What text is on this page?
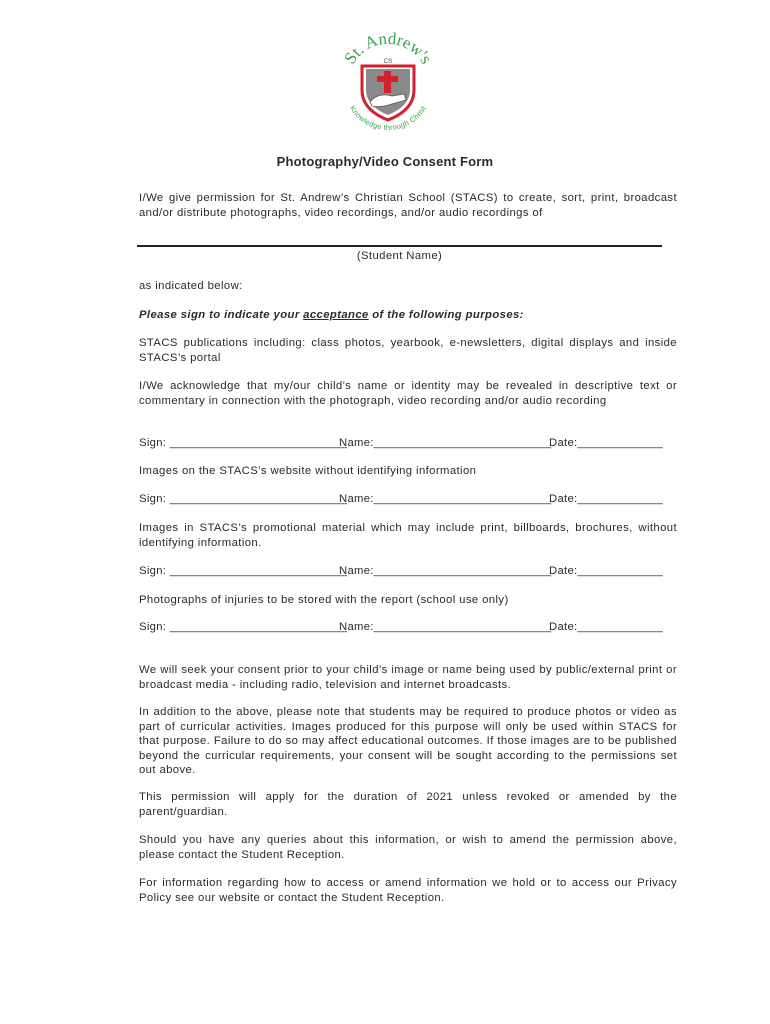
St. Andrew's
Knowledge through Christ
CS
Photography/Video Consent Form
I/We give permission for St. Andrew’s Christian School (STACS) to create, sort, print, broadcast and/or distribute photographs, video recordings, and/or audio recordings of
(Student Name)
as indicated below:
Please sign to indicate your acceptance of the following purposes:
STACS publications including: class photos, yearbook, e-newsletters, digital displays and inside STACS’s portal
I/We acknowledge that my/our child’s name or identity may be revealed in descriptive text or commentary in connection with the photograph, video recording and/or audio recording
Sign: ___________________________
Name:___________________________
Date:_____________
Images on the STACS’s website without identifying information
Sign: ___________________________
Name:___________________________
Date:_____________
Images in STACS’s promotional material which may include print, billboards, brochures, without identifying information.
Sign: ___________________________
Name:___________________________
Date:_____________
Photographs of injuries to be stored with the report (school use only)
Sign: ___________________________
Name:___________________________
Date:_____________
We will seek your consent prior to your child’s image or name being used by public/external print or broadcast media - including radio, television and internet broadcasts.
In addition to the above, please note that students may be required to produce photos or video as part of curricular activities. Images produced for this purpose will only be used within STACS for that purpose. Failure to do so may affect educational outcomes. If those images are to be published beyond the curricular requirements, your consent will be sought according to the permissions set out above.
This permission will apply for the duration of 2021 unless revoked or amended by the parent/guardian.
Should you have any queries about this information, or wish to amend the permission above, please contact the Student Reception.
For information regarding how to access or amend information we hold or to access our Privacy Policy see our website or contact the Student Reception.
